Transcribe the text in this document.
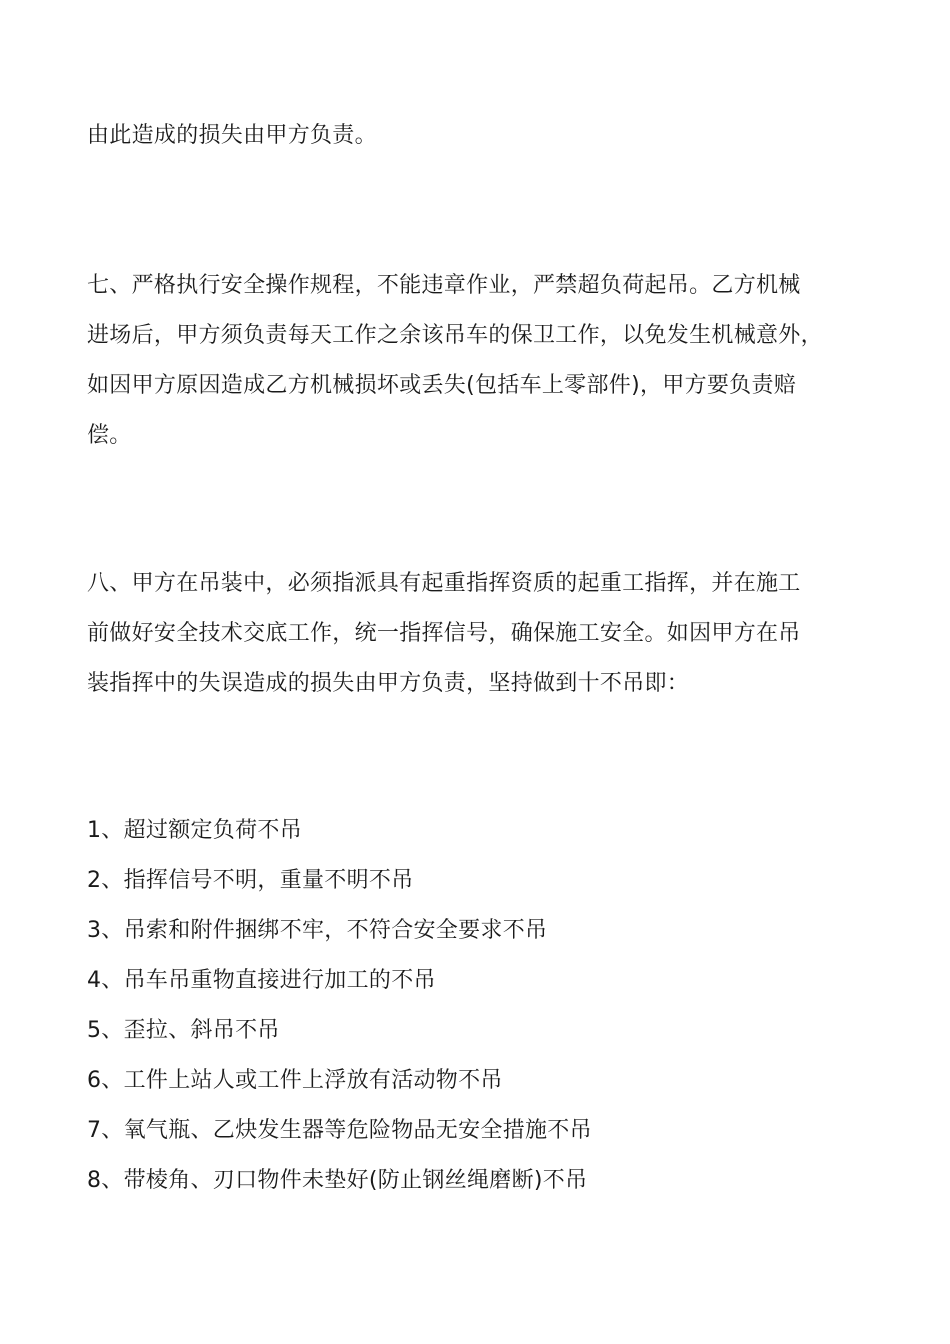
由此造成的损失由甲方负责。

七、严格执行安全操作规程，不能违章作业，严禁超负荷起吊。乙方机械
进场后，甲方须负责每天工作之余该吊车的保卫工作，以免发生机械意外，
如因甲方原因造成乙方机械损坏或丢失(包括车上零部件)，甲方要负责赔
偿。

八、甲方在吊装中，必须指派具有起重指挥资质的起重工指挥，并在施工
前做好安全技术交底工作，统一指挥信号，确保施工安全。如因甲方在吊
装指挥中的失误造成的损失由甲方负责，坚持做到十不吊即：

1、超过额定负荷不吊
2、指挥信号不明，重量不明不吊
3、吊索和附件捆绑不牢，不符合安全要求不吊
4、吊车吊重物直接进行加工的不吊
5、歪拉、斜吊不吊
6、工件上站人或工件上浮放有活动物不吊
7、氧气瓶、乙炔发生器等危险物品无安全措施不吊
8、带棱角、刃口物件未垫好(防止钢丝绳磨断)不吊
